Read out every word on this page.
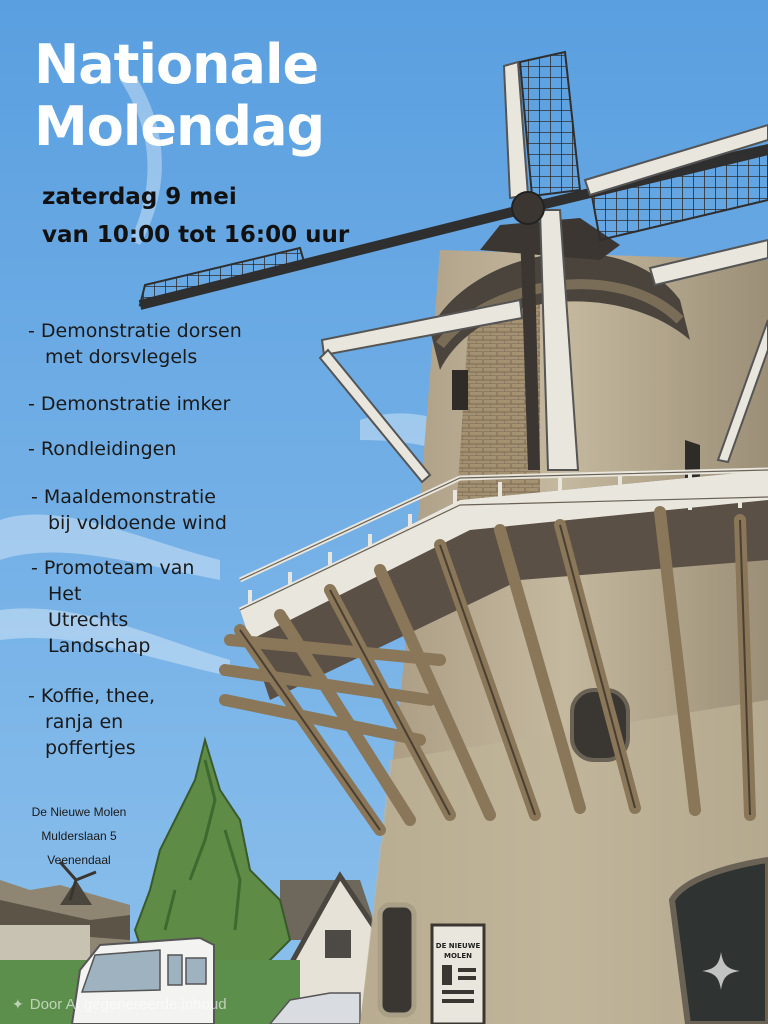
DE NIEUWE
MOLEN
Nationale
Molendag
zaterdag 9 mei
van 10:00 tot 16:00 uur
- Demonstratie dorsen
met dorsvlegels
- Demonstratie imker
- Rondleidingen
- Maaldemonstratie
bij voldoende wind
- Promoteam van
Het
Utrechts
Landschap
- Koffie, thee,
ranja en
poffertjes
De Nieuwe Molen
Mulderslaan 5
Veenendaal
✦ Door AI gegenereerde inhoud
